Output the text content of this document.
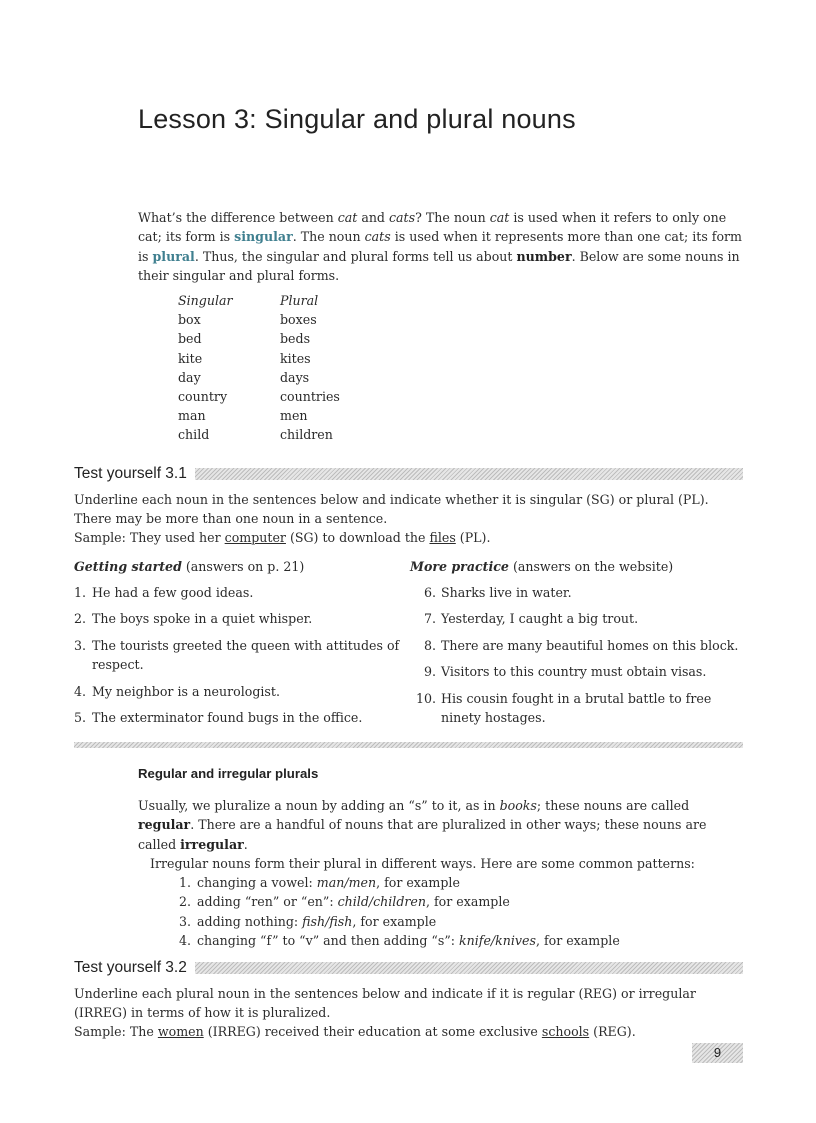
Lesson 3: Singular and plural nouns
What’s the difference between cat and cats? The noun cat is used when it refers to only one cat; its form is singular. The noun cats is used when it represents more than one cat; its form is plural. Thus, the singular and plural forms tell us about number. Below are some nouns in their singular and plural forms.
Singular	Plural
box	boxes
bed	beds
kite	kites
day	days
country	countries
man	men
child	children
Test yourself 3.1
Underline each noun in the sentences below and indicate whether it is singular (SG) or plural (PL). There may be more than one noun in a sentence.
Sample: They used her computer (SG) to download the files (PL).
Getting started (answers on p. 21)
1. He had a few good ideas.
2. The boys spoke in a quiet whisper.
3. The tourists greeted the queen with attitudes of respect.
4. My neighbor is a neurologist.
5. The exterminator found bugs in the office.
More practice (answers on the website)
6. Sharks live in water.
7. Yesterday, I caught a big trout.
8. There are many beautiful homes on this block.
9. Visitors to this country must obtain visas.
10. His cousin fought in a brutal battle to free ninety hostages.
Regular and irregular plurals
Usually, we pluralize a noun by adding an “s” to it, as in books; these nouns are called regular. There are a handful of nouns that are pluralized in other ways; these nouns are called irregular.
Irregular nouns form their plural in different ways. Here are some common patterns:
1. changing a vowel: man/men, for example
2. adding “ren” or “en”: child/children, for example
3. adding nothing: fish/fish, for example
4. changing “f” to “v” and then adding “s”: knife/knives, for example
Test yourself 3.2
Underline each plural noun in the sentences below and indicate if it is regular (REG) or irregular (IRREG) in terms of how it is pluralized.
Sample: The women (IRREG) received their education at some exclusive schools (REG).
9
